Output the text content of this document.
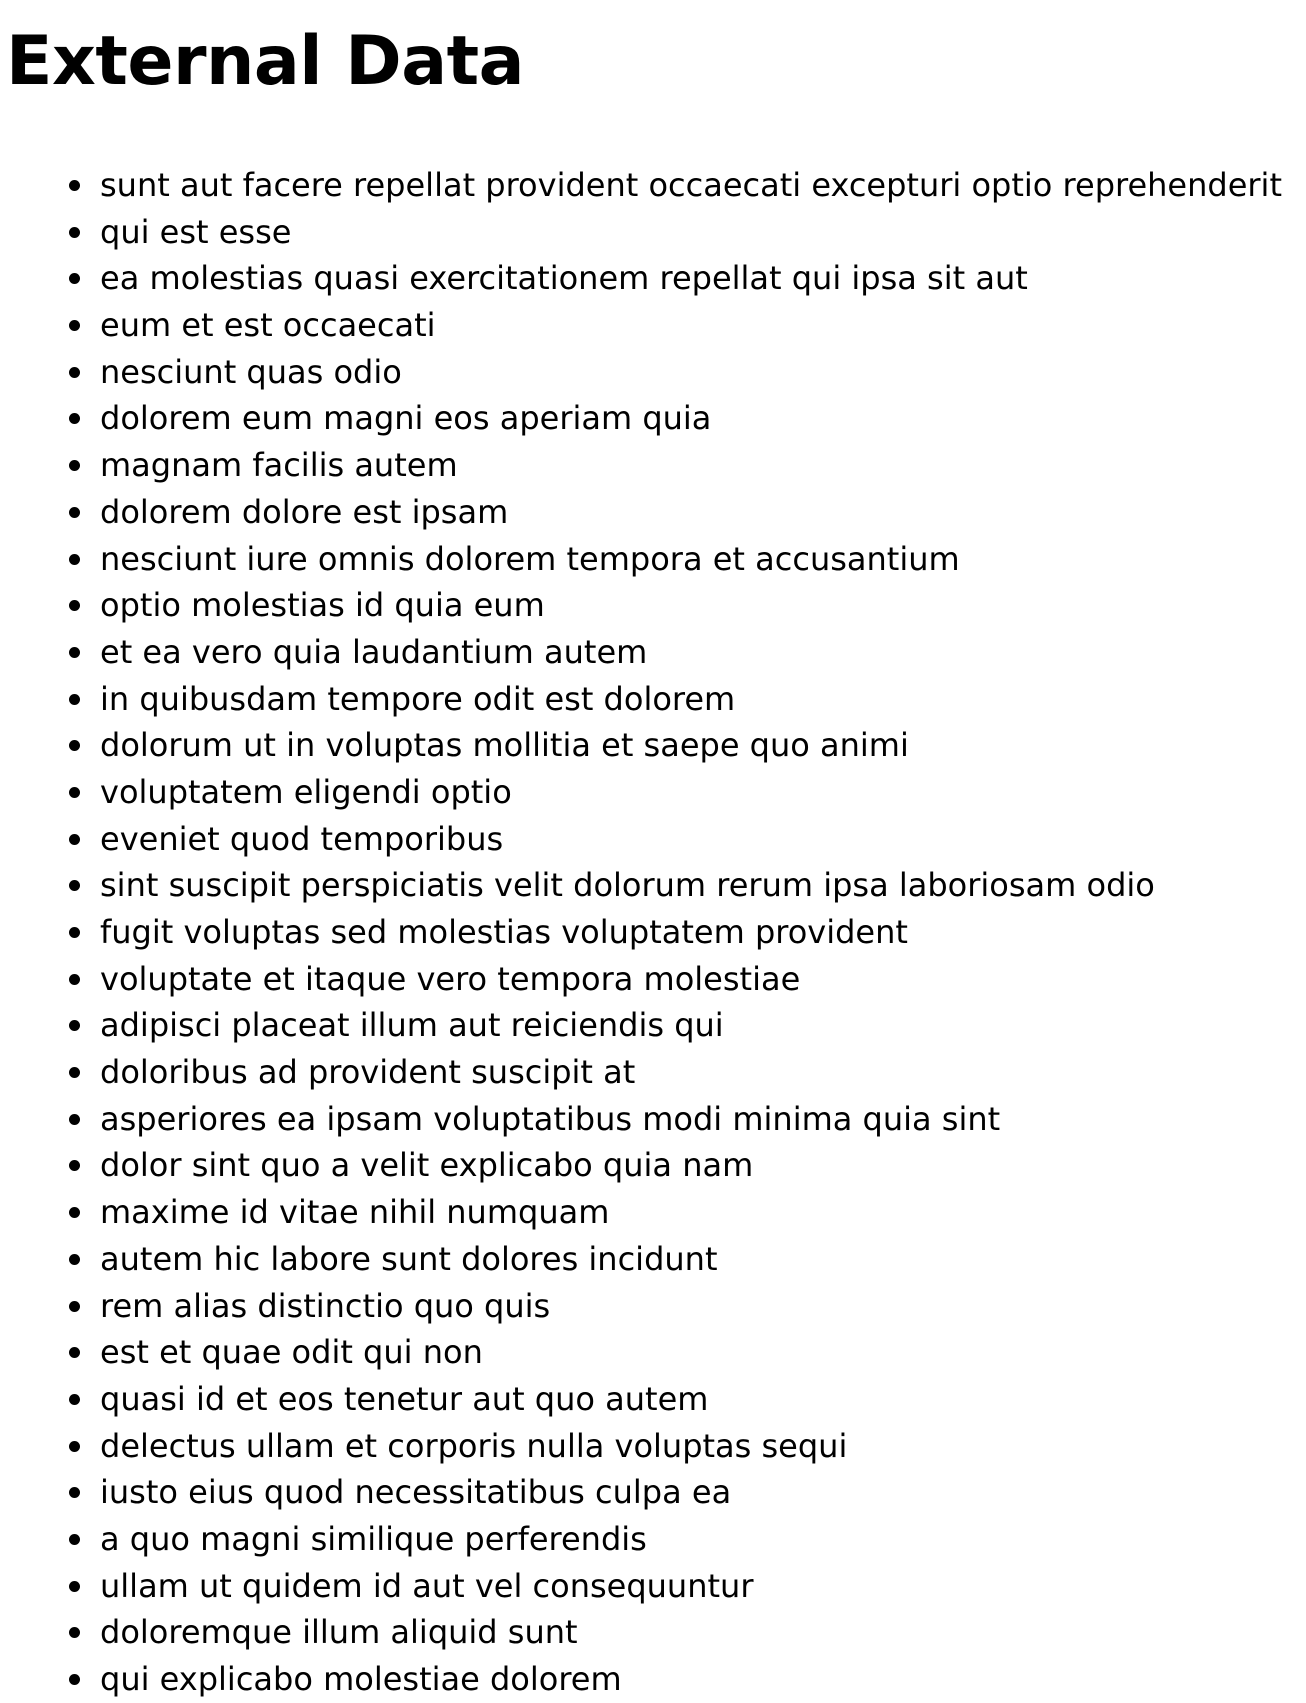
External Data
sunt aut facere repellat provident occaecati excepturi optio reprehenderit
qui est esse
ea molestias quasi exercitationem repellat qui ipsa sit aut
eum et est occaecati
nesciunt quas odio
dolorem eum magni eos aperiam quia
magnam facilis autem
dolorem dolore est ipsam
nesciunt iure omnis dolorem tempora et accusantium
optio molestias id quia eum
et ea vero quia laudantium autem
in quibusdam tempore odit est dolorem
dolorum ut in voluptas mollitia et saepe quo animi
voluptatem eligendi optio
eveniet quod temporibus
sint suscipit perspiciatis velit dolorum rerum ipsa laboriosam odio
fugit voluptas sed molestias voluptatem provident
voluptate et itaque vero tempora molestiae
adipisci placeat illum aut reiciendis qui
doloribus ad provident suscipit at
asperiores ea ipsam voluptatibus modi minima quia sint
dolor sint quo a velit explicabo quia nam
maxime id vitae nihil numquam
autem hic labore sunt dolores incidunt
rem alias distinctio quo quis
est et quae odit qui non
quasi id et eos tenetur aut quo autem
delectus ullam et corporis nulla voluptas sequi
iusto eius quod necessitatibus culpa ea
a quo magni similique perferendis
ullam ut quidem id aut vel consequuntur
doloremque illum aliquid sunt
qui explicabo molestiae dolorem
